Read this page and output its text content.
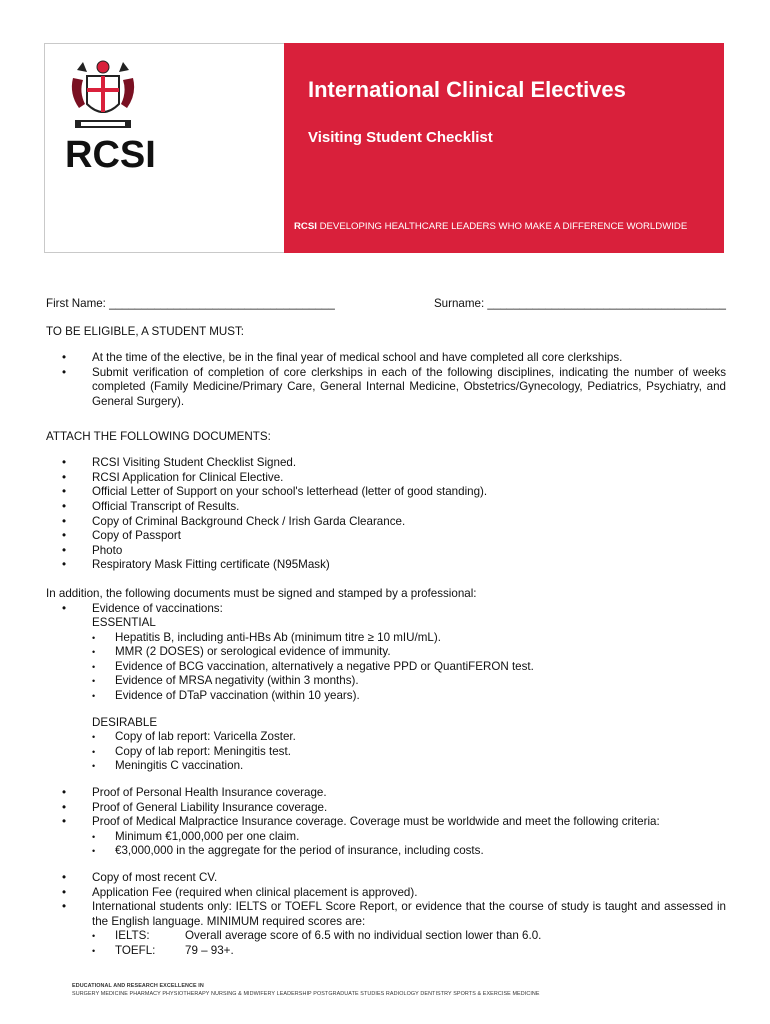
RCSI
International Clinical Electives
Visiting Student Checklist
RCSI DEVELOPING HEALTHCARE LEADERS WHO MAKE A DIFFERENCE WORLDWIDE
First Name: ___________________________________	Surname: _____________________________________
TO BE ELIGIBLE, A STUDENT MUST:
• At the time of the elective, be in the final year of medical school and have completed all core clerkships.
• Submit verification of completion of core clerkships in each of the following disciplines, indicating the number of weeks completed (Family Medicine/Primary Care, General Internal Medicine, Obstetrics/Gynecology, Pediatrics, Psychiatry, and General Surgery).
ATTACH THE FOLLOWING DOCUMENTS:
• RCSI Visiting Student Checklist Signed.
• RCSI Application for Clinical Elective.
• Official Letter of Support on your school's letterhead (letter of good standing).
• Official Transcript of Results.
• Copy of Criminal Background Check / Irish Garda Clearance.
• Copy of Passport
• Photo
• Respiratory Mask Fitting certificate (N95Mask)
In addition, the following documents must be signed and stamped by a professional:
• Evidence of vaccinations:
ESSENTIAL
• Hepatitis B, including anti-HBs Ab (minimum titre ≥ 10 mIU/mL).
• MMR (2 DOSES) or serological evidence of immunity.
• Evidence of BCG vaccination, alternatively a negative PPD or QuantiFERON test.
• Evidence of MRSA negativity (within 3 months).
• Evidence of DTaP vaccination (within 10 years).
DESIRABLE
• Copy of lab report: Varicella Zoster.
• Copy of lab report: Meningitis test.
• Meningitis C vaccination.
• Proof of Personal Health Insurance coverage.
• Proof of General Liability Insurance coverage.
• Proof of Medical Malpractice Insurance coverage. Coverage must be worldwide and meet the following criteria:
• Minimum €1,000,000 per one claim.
• €3,000,000 in the aggregate for the period of insurance, including costs.
• Copy of most recent CV.
• Application Fee (required when clinical placement is approved).
• International students only: IELTS or TOEFL Score Report, or evidence that the course of study is taught and assessed in the English language. MINIMUM required scores are:
• IELTS:	Overall average score of 6.5 with no individual section lower than 6.0.
• TOEFL:	79 – 93+.
EDUCATIONAL AND RESEARCH EXCELLENCE IN
SURGERY MEDICINE PHARMACY PHYSIOTHERAPY NURSING & MIDWIFERY LEADERSHIP POSTGRADUATE STUDIES RADIOLOGY DENTISTRY SPORTS & EXERCISE MEDICINE
